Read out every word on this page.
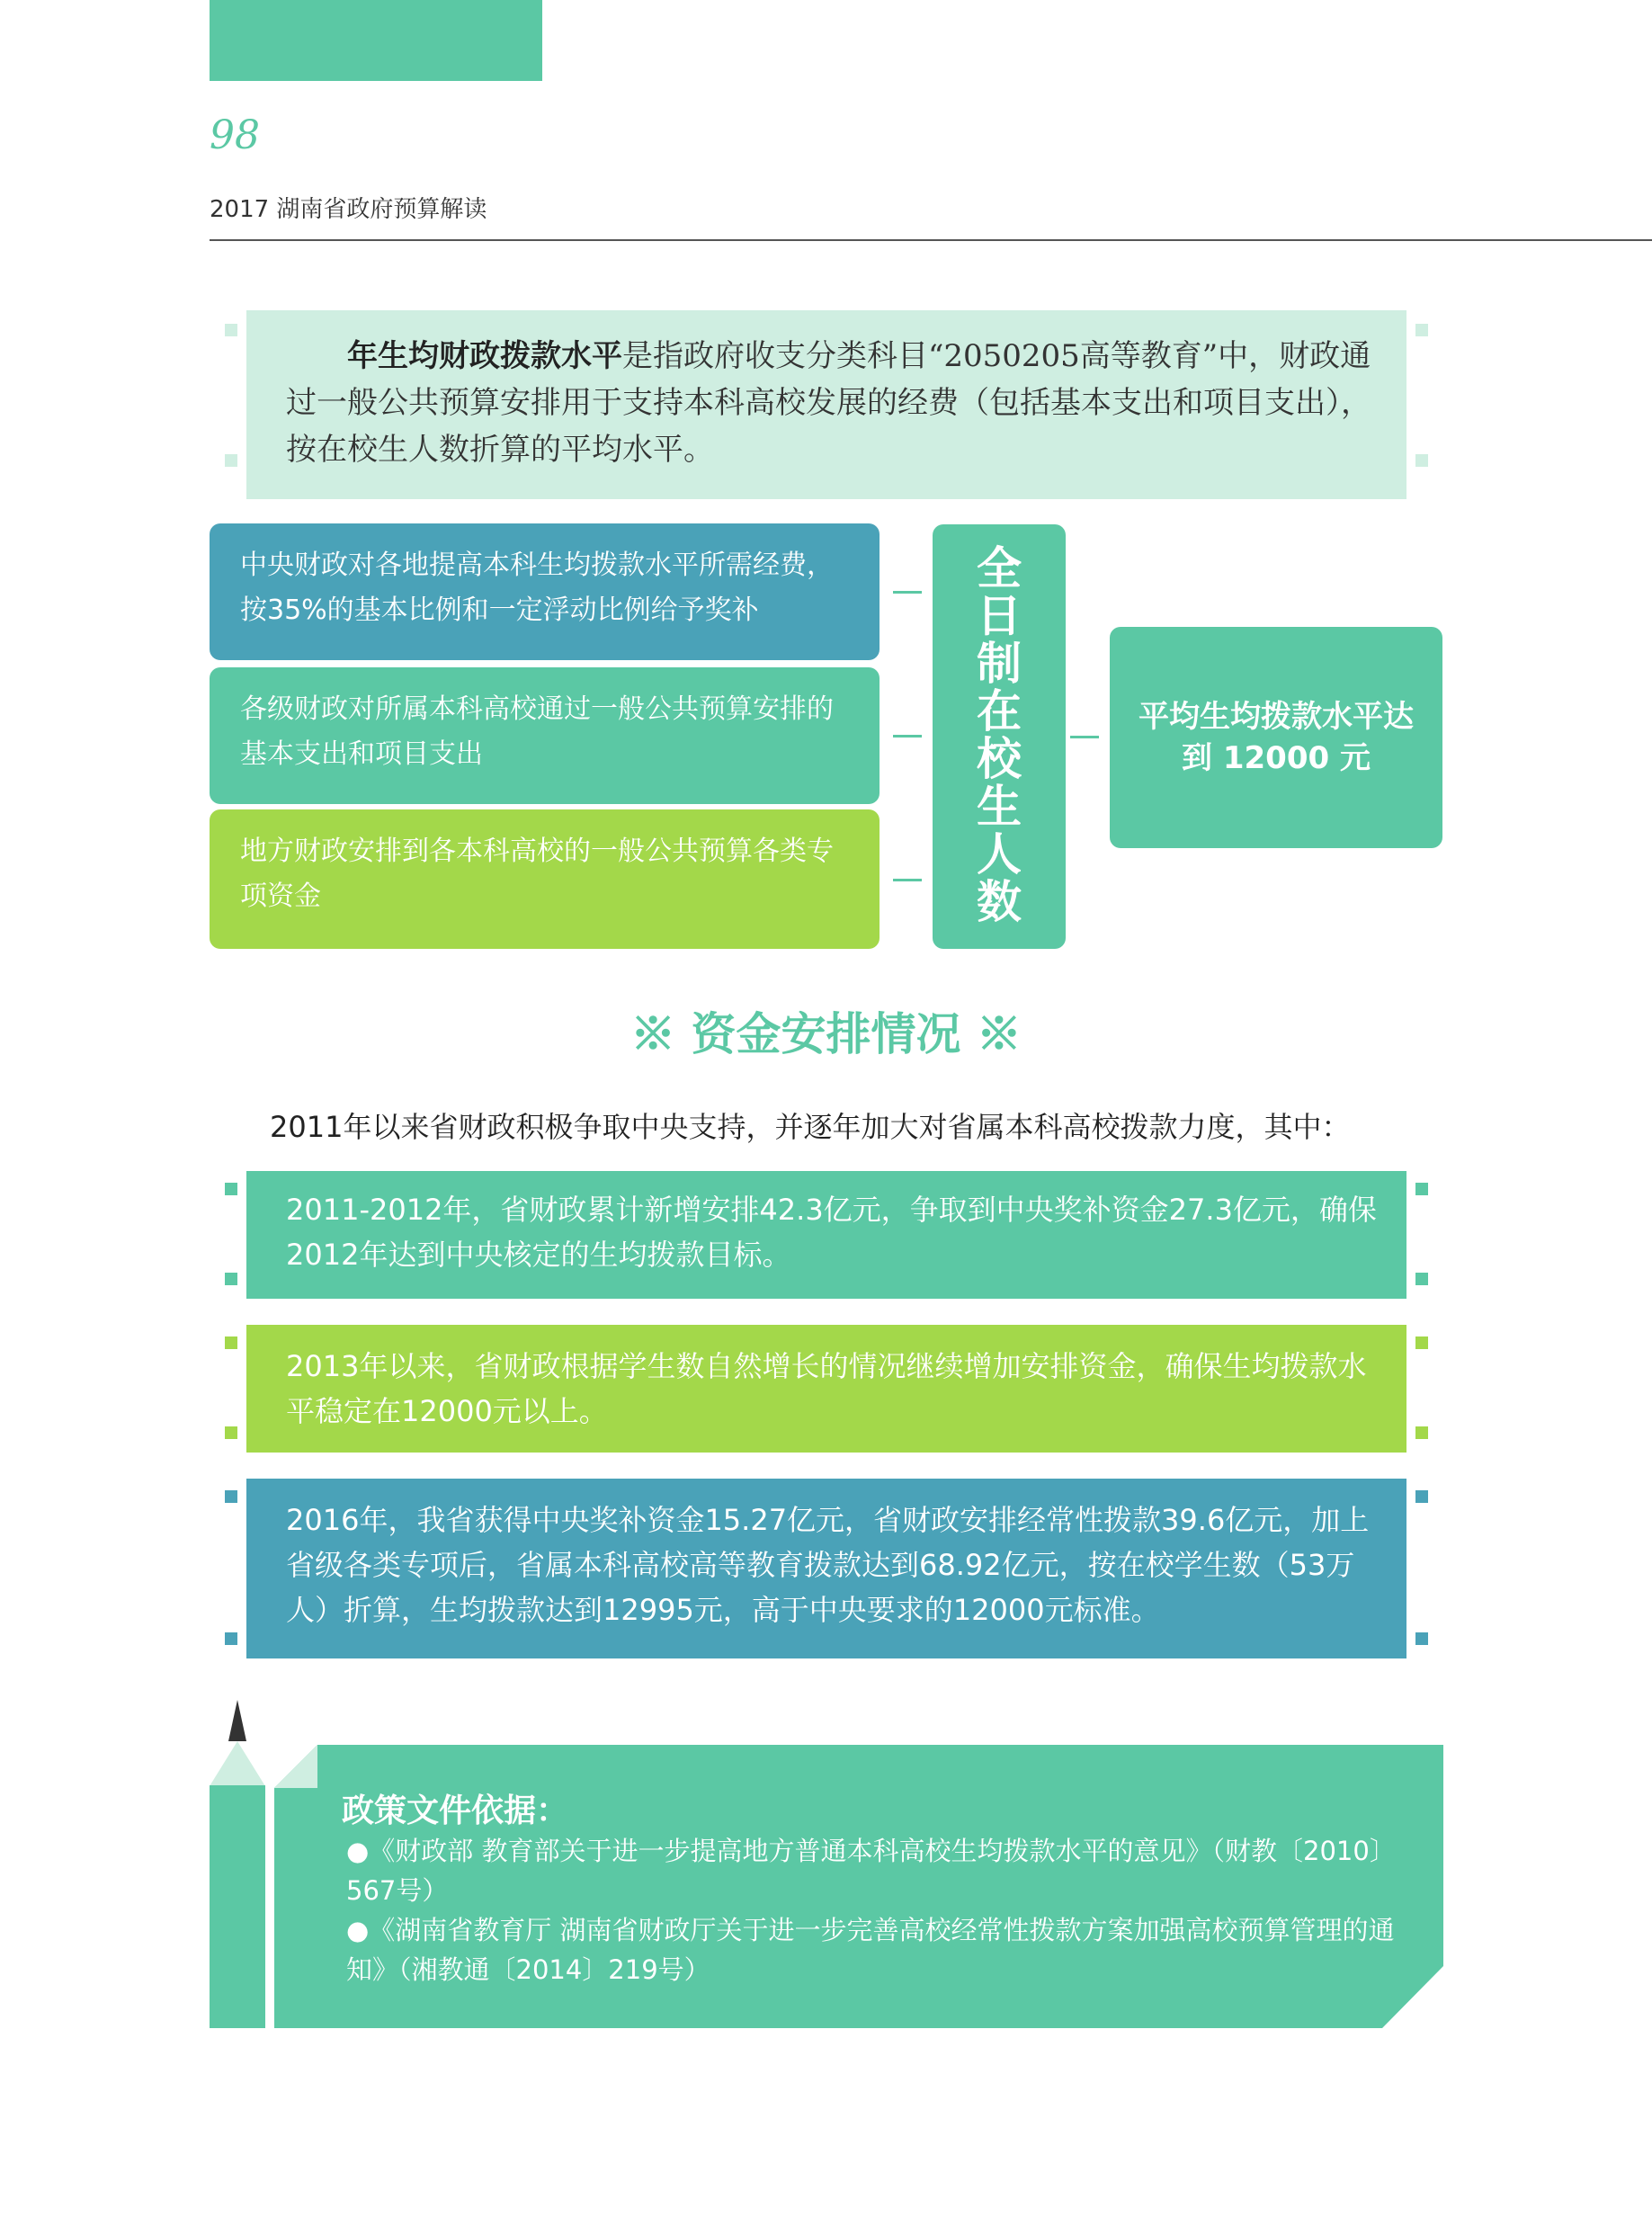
98
2017 湖南省政府预算解读
年生均财政拨款水平是指政府收支分类科目“2050205高等教育”中，财政通过一般公共预算安排用于支持本科高校发展的经费（包括基本支出和项目支出），按在校生人数折算的平均水平。
中央财政对各地提高本科生均拨款水平所需经费，按35%的基本比例和一定浮动比例给予奖补
各级财政对所属本科高校通过一般公共预算安排的基本支出和项目支出
地方财政安排到各本科高校的一般公共预算各类专项资金
全
日
制
在
校
生
人
数
平均生均拨款水平达到 12000 元
※ 资金安排情况 ※
2011年以来省财政积极争取中央支持，并逐年加大对省属本科高校拨款力度，其中：
2011-2012年，省财政累计新增安排42.3亿元，争取到中央奖补资金27.3亿元，确保2012年达到中央核定的生均拨款目标。
2013年以来，省财政根据学生数自然增长的情况继续增加安排资金，确保生均拨款水平稳定在12000元以上。
2016年，我省获得中央奖补资金15.27亿元，省财政安排经常性拨款39.6亿元，加上省级各类专项后，省属本科高校高等教育拨款达到68.92亿元，按在校学生数（53万人）折算，生均拨款达到12995元，高于中央要求的12000元标准。
政策文件依据：
●《财政部 教育部关于进一步提高地方普通本科高校生均拨款水平的意见》（财教〔2010〕567号）
●《湖南省教育厅 湖南省财政厅关于进一步完善高校经常性拨款方案加强高校预算管理的通知》（湘教通〔2014〕219号）
